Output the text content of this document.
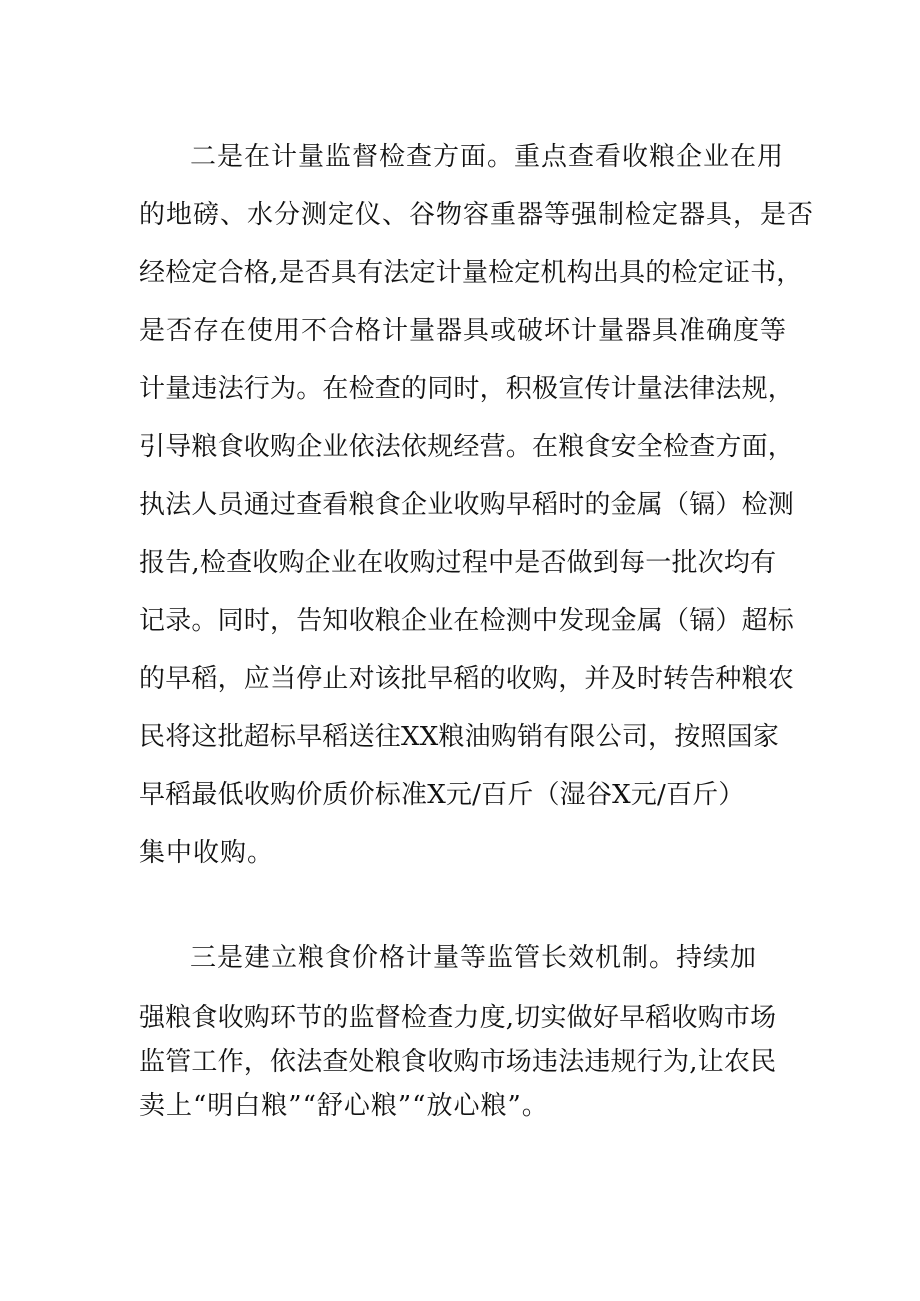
二是在计量监督检查方面。重点查看收粮企业在用
的地磅、水分测定仪、谷物容重器等强制检定器具，是否
经检定合格,是否具有法定计量检定机构出具的检定证书，
是否存在使用不合格计量器具或破坏计量器具准确度等
计量违法行为。在检查的同时，积极宣传计量法律法规，
引导粮食收购企业依法依规经营。在粮食安全检查方面，
执法人员通过查看粮食企业收购早稻时的金属（镉）检测
报告,检查收购企业在收购过程中是否做到每一批次均有
记录。同时，告知收粮企业在检测中发现金属（镉）超标
的早稻，应当停止对该批早稻的收购，并及时转告种粮农
民将这批超标早稻送往XX粮油购销有限公司，按照国家
早稻最低收购价质价标准X元/百斤（湿谷X元/百斤）
集中收购。
三是建立粮食价格计量等监管长效机制。持续加
强粮食收购环节的监督检查力度,切实做好早稻收购市场
监管工作，依法查处粮食收购市场违法违规行为,让农民
卖上“明白粮”“舒心粮”“放心粮”。
